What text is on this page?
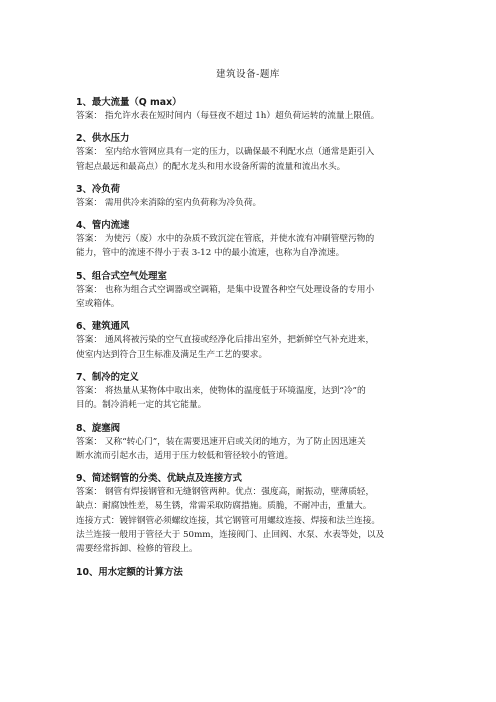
建筑设备-题库

1、最大流量（Q max）

答案： 指允许水表在短时间内（每昼夜不超过 1h）超负荷运转的流量上限值。

2、供水压力

答案： 室内给水管网应具有一定的压力，以确保最不利配水点（通常是距引入
管起点最远和最高点）的配水龙头和用水设备所需的流量和流出水头。

3、冷负荷

答案： 需用供冷来消除的室内负荷称为冷负荷。

4、管内流速

答案： 为使污（废）水中的杂质不致沉淀在管底，并使水流有冲刷管壁污物的
能力，管中的流速不得小于表 3-12 中的最小流速，也称为自净流速。

5、组合式空气处理室

答案： 也称为组合式空调器或空调箱，是集中设置各种空气处理设备的专用小
室或箱体。

6、建筑通风

答案： 通风将被污染的空气直接或经净化后排出室外，把新鲜空气补充进来，
使室内达到符合卫生标准及满足生产工艺的要求。

7、制冷的定义

答案： 将热量从某物体中取出来，使物体的温度低于环境温度，达到“冷”的
目的。制冷消耗一定的其它能量。

8、旋塞阀

答案： 又称“转心门”，装在需要迅速开启或关闭的地方，为了防止因迅速关
断水流而引起水击，适用于压力较低和管径较小的管道。

9、简述钢管的分类、优缺点及连接方式

答案： 钢管有焊接钢管和无缝钢管两种。优点：强度高，耐振动，壁薄质轻，
缺点：耐腐蚀性差，易生锈，常需采取防腐措施。质脆，不耐冲击，重量大。
连接方式：镀锌钢管必须螺纹连接，其它钢管可用螺纹连接、焊接和法兰连接。
法兰连接一般用于管径大于 50mm，连接阀门、止回阀、水泵、水表等处，以及
需要经常拆卸、检修的管段上。

10、用水定额的计算方法
